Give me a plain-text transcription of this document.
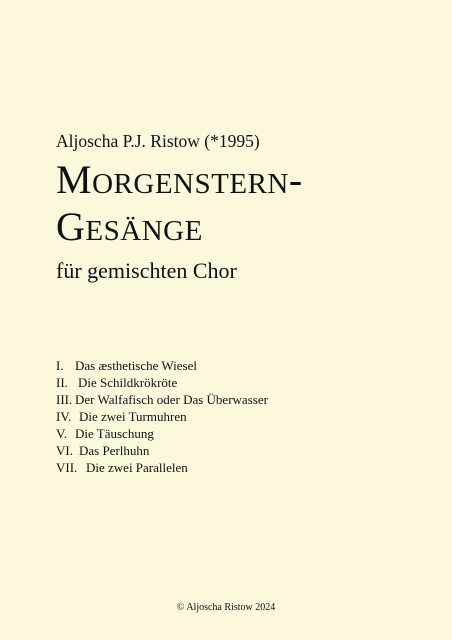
Aljoscha P.J. Ristow (*1995)
MORGENSTERN-
GESÄNGE
für gemischten Chor
I. Das æsthetische Wiesel
II. Die Schildkrökröte
III. Der Walfafisch oder Das Überwasser
IV. Die zwei Turmuhren
V. Die Täuschung
VI. Das Perlhuhn
VII. Die zwei Parallelen
© Aljoscha Ristow 2024
